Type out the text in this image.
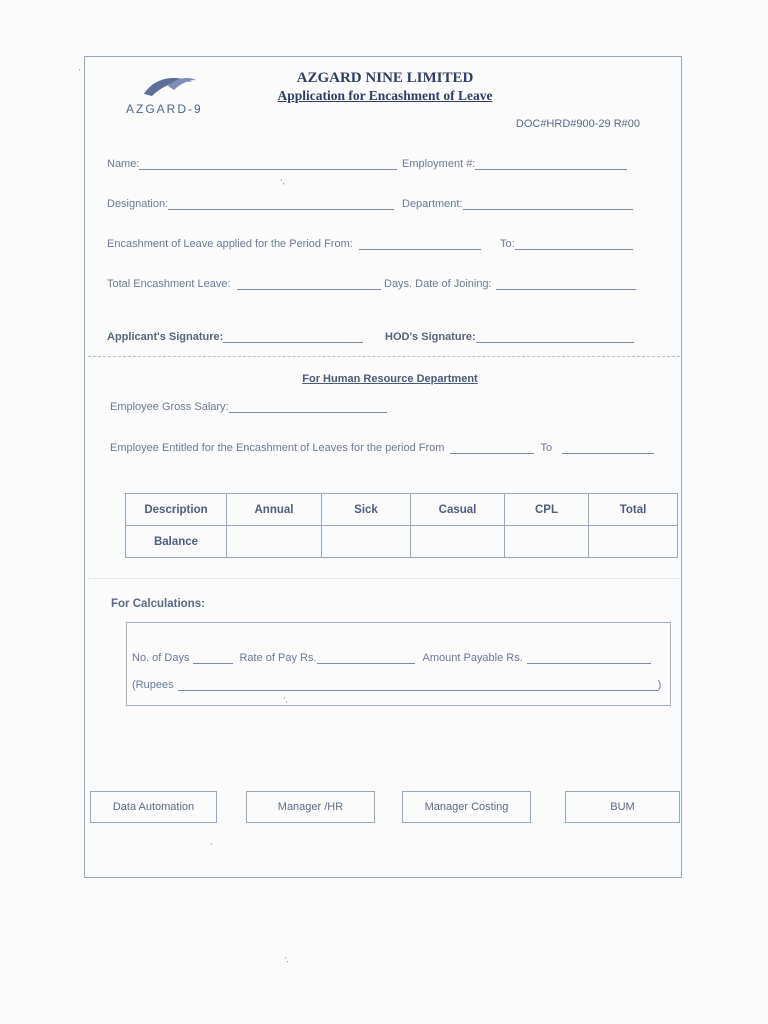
AZGARD-9
AZGARD NINE LIMITED
Application for Encashment of Leave
DOC#HRD#900-29 R#00
Name:	Employment #:
Designation:	Department:
Encashment of Leave applied for the Period From:	To:
Total Encashment Leave:	Days. Date of Joining:
Applicant's Signature:	HOD's Signature:
For Human Resource Department
Employee Gross Salary:
Employee Entitled for the Encashment of Leaves for the period From	To
Description	Annual	Sick	Casual	CPL	Total
Balance					
For Calculations:
No. of Days	Rate of Pay Rs.	Amount Payable Rs.
(Rupees	)
Data Automation	Manager /HR	Manager Costing	BUM
‧ˎ
‧ˎ
‧
‧ˎ
ˈ
